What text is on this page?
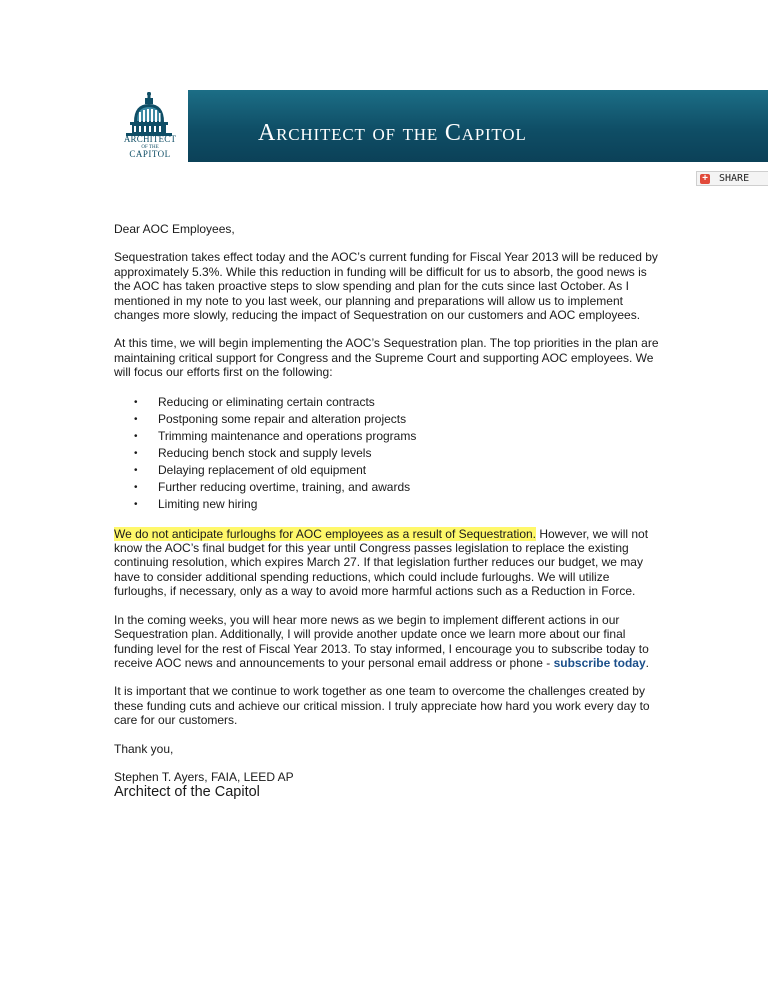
ARCHITECT
OF THE
CAPITOL
Architect of the Capitol
+ SHARE

Dear AOC Employees,

Sequestration takes effect today and the AOC’s current funding for Fiscal Year 2013 will be reduced by approximately 5.3%. While this reduction in funding will be difficult for us to absorb, the good news is the AOC has taken proactive steps to slow spending and plan for the cuts since last October. As I mentioned in my note to you last week, our planning and preparations will allow us to implement changes more slowly, reducing the impact of Sequestration on our customers and AOC employees.

At this time, we will begin implementing the AOC’s Sequestration plan. The top priorities in the plan are maintaining critical support for Congress and the Supreme Court and supporting AOC employees. We will focus our efforts first on the following:

• Reducing or eliminating certain contracts
• Postponing some repair and alteration projects
• Trimming maintenance and operations programs
• Reducing bench stock and supply levels
• Delaying replacement of old equipment
• Further reducing overtime, training, and awards
• Limiting new hiring

We do not anticipate furloughs for AOC employees as a result of Sequestration. However, we will not know the AOC’s final budget for this year until Congress passes legislation to replace the existing continuing resolution, which expires March 27. If that legislation further reduces our budget, we may have to consider additional spending reductions, which could include furloughs. We will utilize furloughs, if necessary, only as a way to avoid more harmful actions such as a Reduction in Force.

In the coming weeks, you will hear more news as we begin to implement different actions in our Sequestration plan. Additionally, I will provide another update once we learn more about our final funding level for the rest of Fiscal Year 2013. To stay informed, I encourage you to subscribe today to receive AOC news and announcements to your personal email address or phone - subscribe today.

It is important that we continue to work together as one team to overcome the challenges created by these funding cuts and achieve our critical mission. I truly appreciate how hard you work every day to care for our customers.

Thank you,

Stephen T. Ayers, FAIA, LEED AP

Architect of the Capitol
